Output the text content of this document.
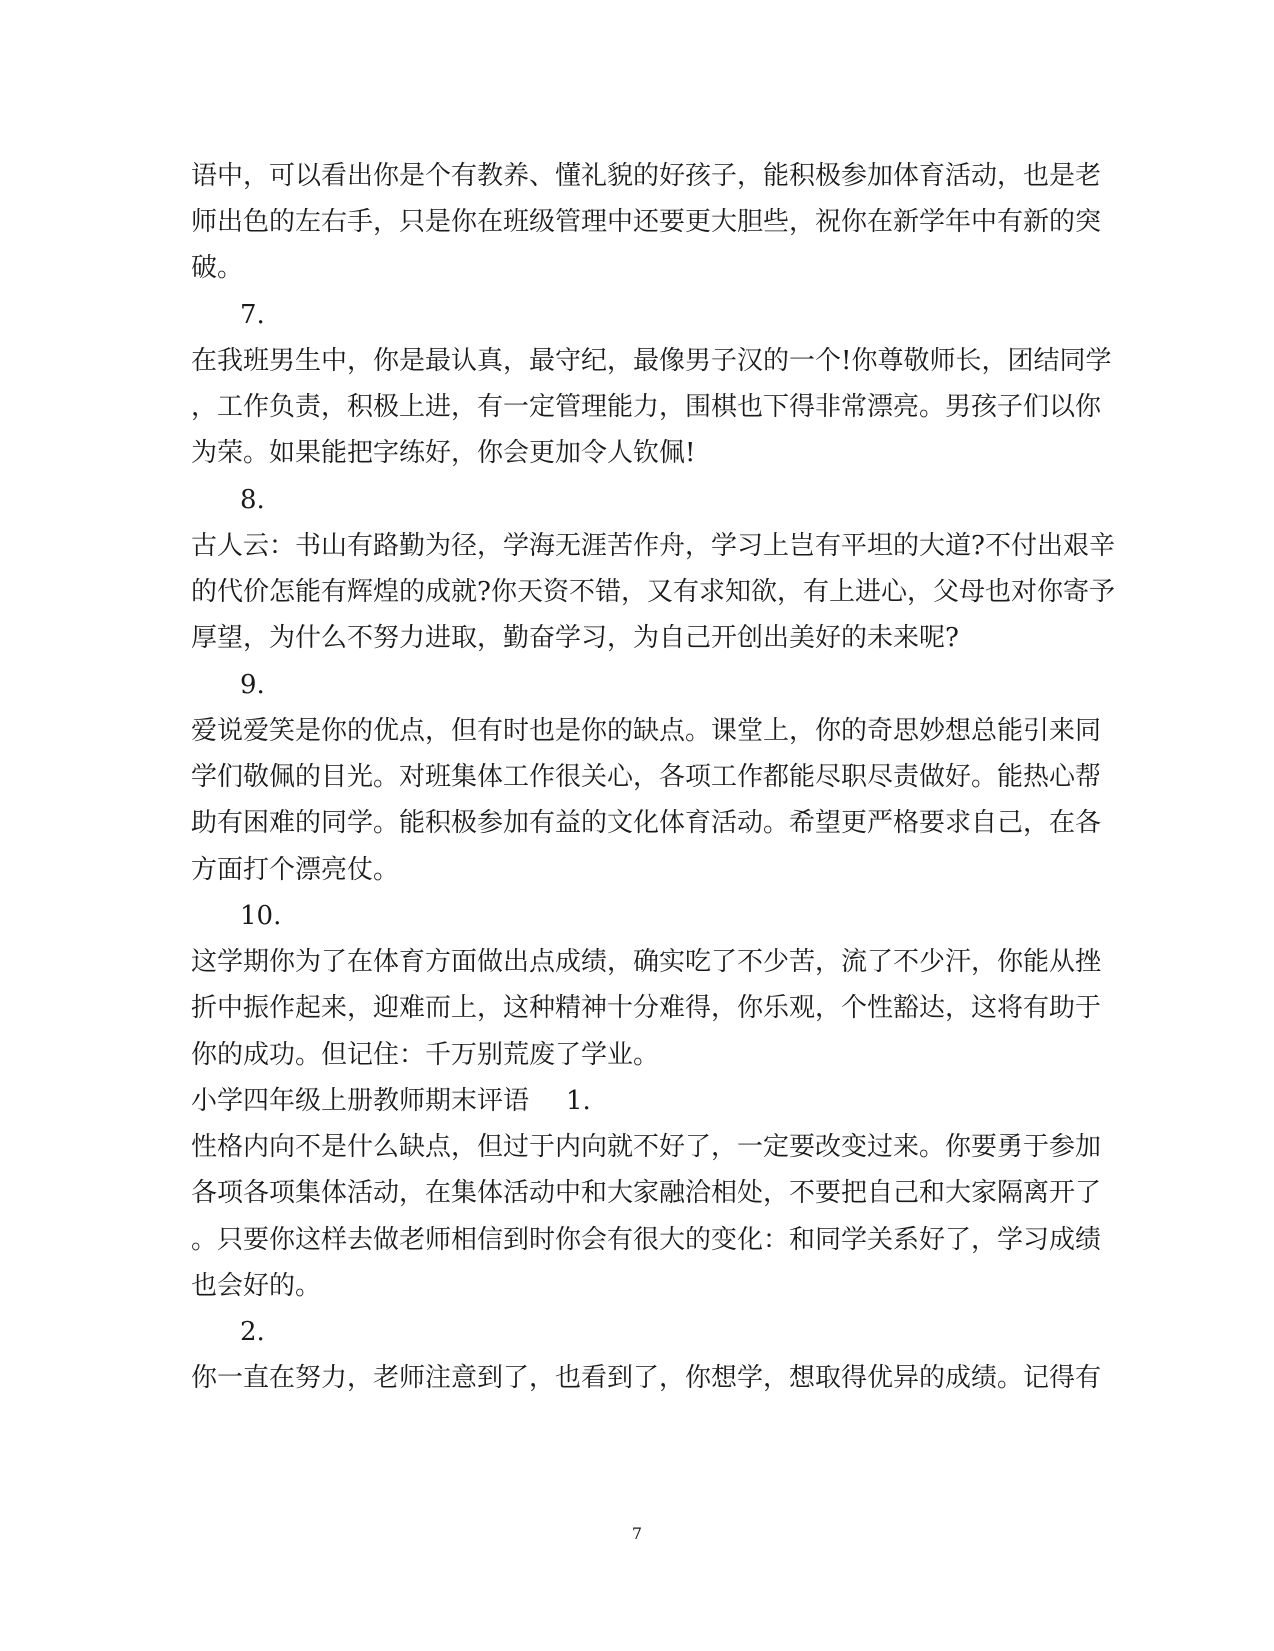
语中，可以看出你是个有教养、懂礼貌的好孩子，能积极参加体育活动，也是老
师出色的左右手，只是你在班级管理中还要更大胆些，祝你在新学年中有新的突
破。
7.
在我班男生中，你是最认真，最守纪，最像男子汉的一个!你尊敬师长，团结同学
，工作负责，积极上进，有一定管理能力，围棋也下得非常漂亮。男孩子们以你
为荣。如果能把字练好，你会更加令人钦佩!
8.
古人云：书山有路勤为径，学海无涯苦作舟，学习上岂有平坦的大道?不付出艰辛
的代价怎能有辉煌的成就?你天资不错，又有求知欲，有上进心，父母也对你寄予
厚望，为什么不努力进取，勤奋学习，为自己开创出美好的未来呢?
9.
爱说爱笑是你的优点，但有时也是你的缺点。课堂上，你的奇思妙想总能引来同
学们敬佩的目光。对班集体工作很关心，各项工作都能尽职尽责做好。能热心帮
助有困难的同学。能积极参加有益的文化体育活动。希望更严格要求自己，在各
方面打个漂亮仗。
10.
这学期你为了在体育方面做出点成绩，确实吃了不少苦，流了不少汗，你能从挫
折中振作起来，迎难而上，这种精神十分难得，你乐观，个性豁达，这将有助于
你的成功。但记住：千万别荒废了学业。
小学四年级上册教师期末评语	1.
性格内向不是什么缺点，但过于内向就不好了，一定要改变过来。你要勇于参加
各项各项集体活动，在集体活动中和大家融洽相处，不要把自己和大家隔离开了
。只要你这样去做老师相信到时你会有很大的变化：和同学关系好了，学习成绩
也会好的。
2.
你一直在努力，老师注意到了，也看到了，你想学，想取得优异的成绩。记得有
7
